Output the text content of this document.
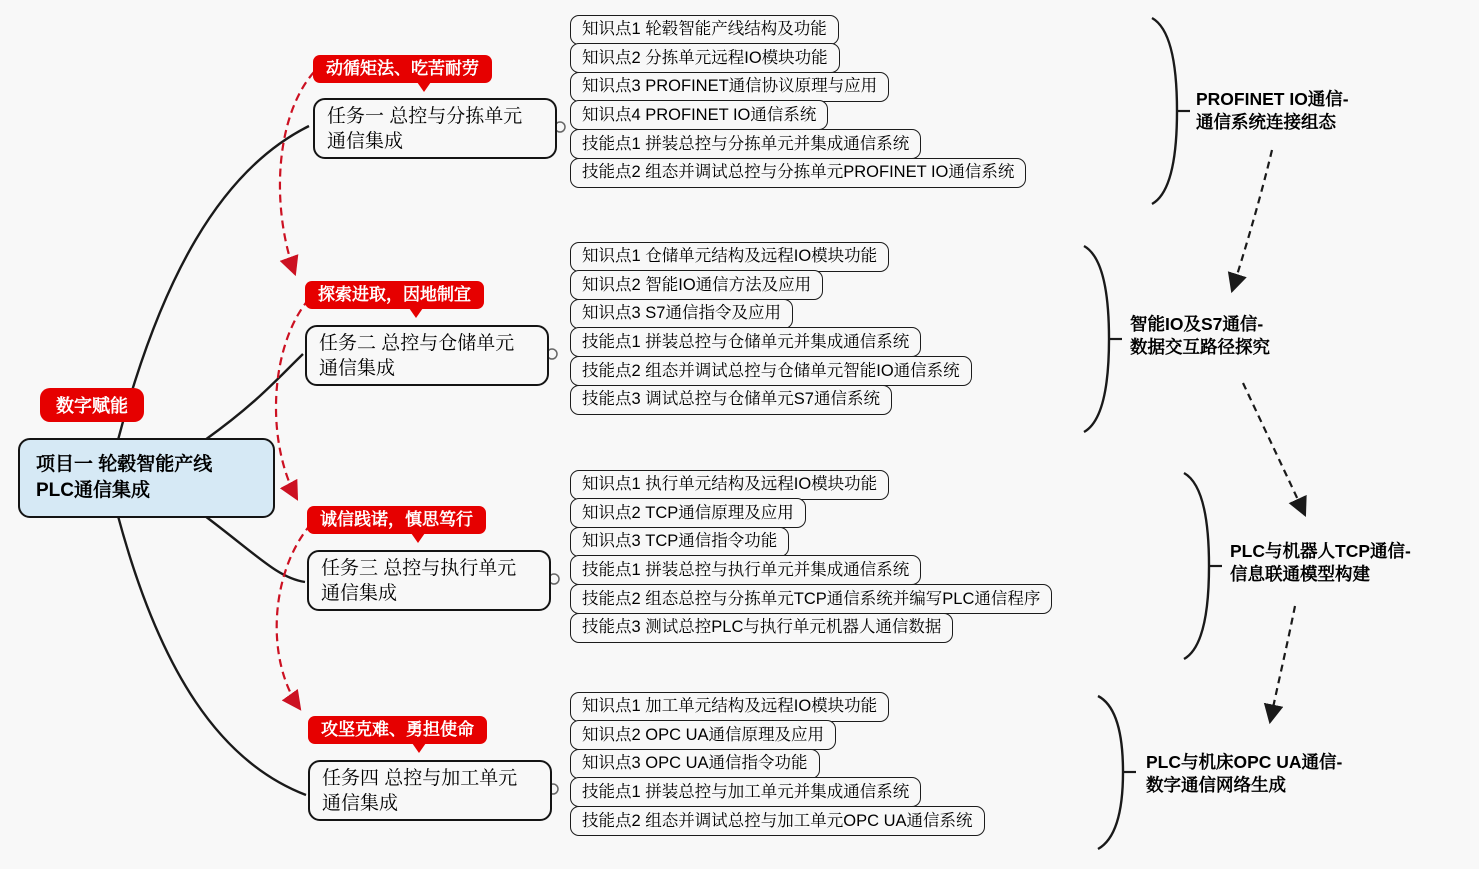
数字赋能
项目一 轮毂智能产线
PLC通信集成
动循矩法、吃苦耐劳
任务一 总控与分拣单元
通信集成
知识点1 轮毂智能产线结构及功能
知识点2 分拣单元远程IO模块功能
知识点3 PROFINET通信协议原理与应用
知识点4 PROFINET IO通信系统
技能点1 拼装总控与分拣单元并集成通信系统
技能点2 组态并调试总控与分拣单元PROFINET IO通信系统
PROFINET IO通信-
通信系统连接组态
探索进取，因地制宜
任务二 总控与仓储单元
通信集成
知识点1 仓储单元结构及远程IO模块功能
知识点2 智能IO通信方法及应用
知识点3 S7通信指令及应用
技能点1 拼装总控与仓储单元并集成通信系统
技能点2 组态并调试总控与仓储单元智能IO通信系统
技能点3 调试总控与仓储单元S7通信系统
智能IO及S7通信-
数据交互路径探究
诚信践诺，慎思笃行
任务三 总控与执行单元
通信集成
知识点1 执行单元结构及远程IO模块功能
知识点2 TCP通信原理及应用
知识点3 TCP通信指令功能
技能点1 拼装总控与执行单元并集成通信系统
技能点2 组态总控与分拣单元TCP通信系统并编写PLC通信程序
技能点3 测试总控PLC与执行单元机器人通信数据
PLC与机器人TCP通信-
信息联通模型构建
攻坚克难、勇担使命
任务四 总控与加工单元
通信集成
知识点1 加工单元结构及远程IO模块功能
知识点2 OPC UA通信原理及应用
知识点3 OPC UA通信指令功能
技能点1 拼装总控与加工单元并集成通信系统
技能点2 组态并调试总控与加工单元OPC UA通信系统
PLC与机床OPC UA通信-
数字通信网络生成
